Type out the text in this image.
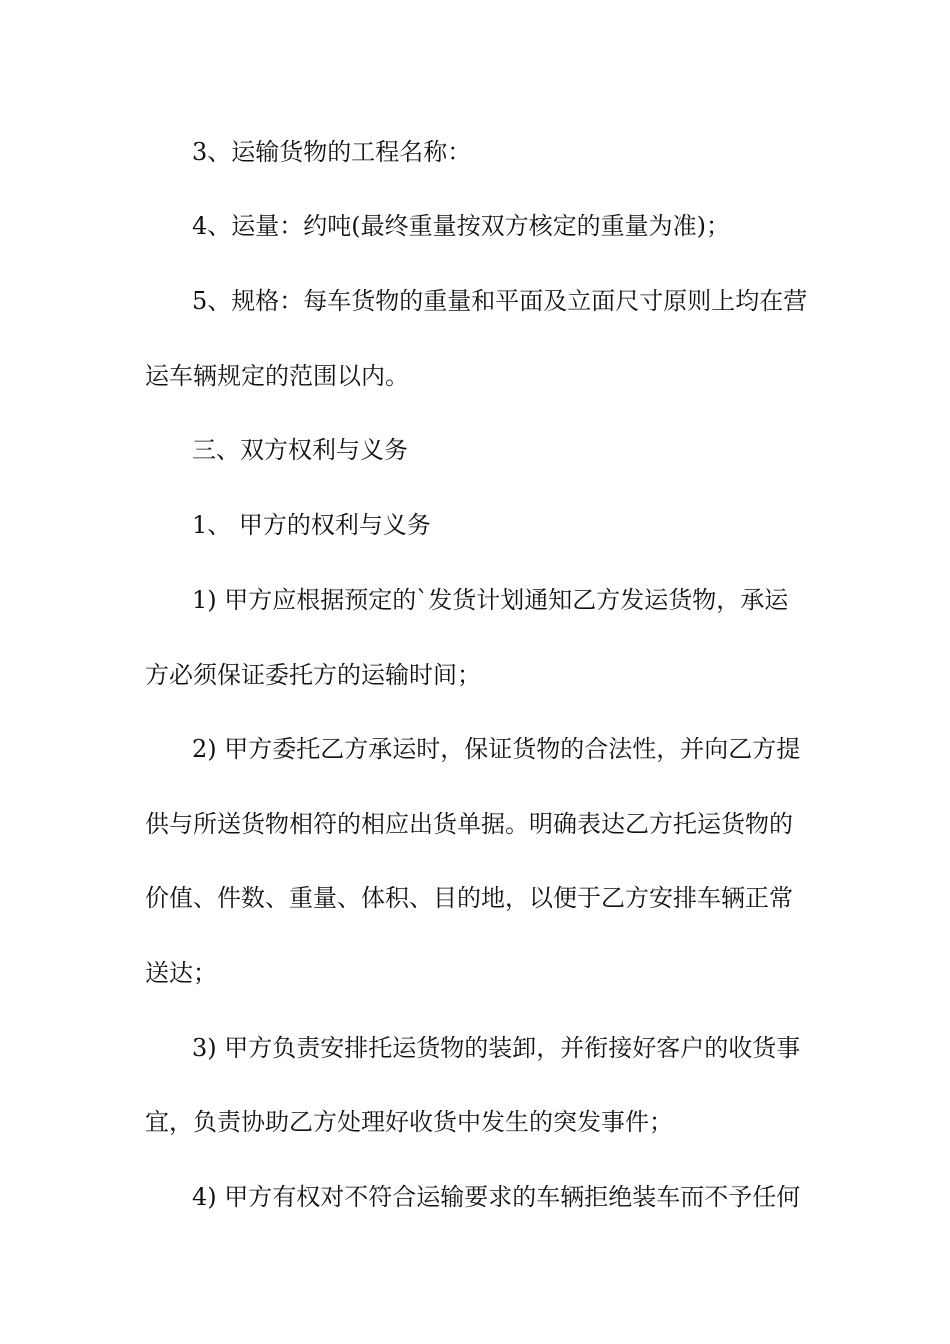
3、运输货物的工程名称：
4、运量：约吨(最终重量按双方核定的重量为准)；
5、规格：每车货物的重量和平面及立面尺寸原则上均在营
运车辆规定的范围以内。
三、双方权利与义务
1、 甲方的权利与义务
1) 甲方应根据预定的`发货计划通知乙方发运货物，承运
方必须保证委托方的运输时间；
2) 甲方委托乙方承运时，保证货物的合法性，并向乙方提
供与所送货物相符的相应出货单据。明确表达乙方托运货物的
价值、件数、重量、体积、目的地，以便于乙方安排车辆正常
送达；
3) 甲方负责安排托运货物的装卸，并衔接好客户的收货事
宜，负责协助乙方处理好收货中发生的突发事件；
4) 甲方有权对不符合运输要求的车辆拒绝装车而不予任何
